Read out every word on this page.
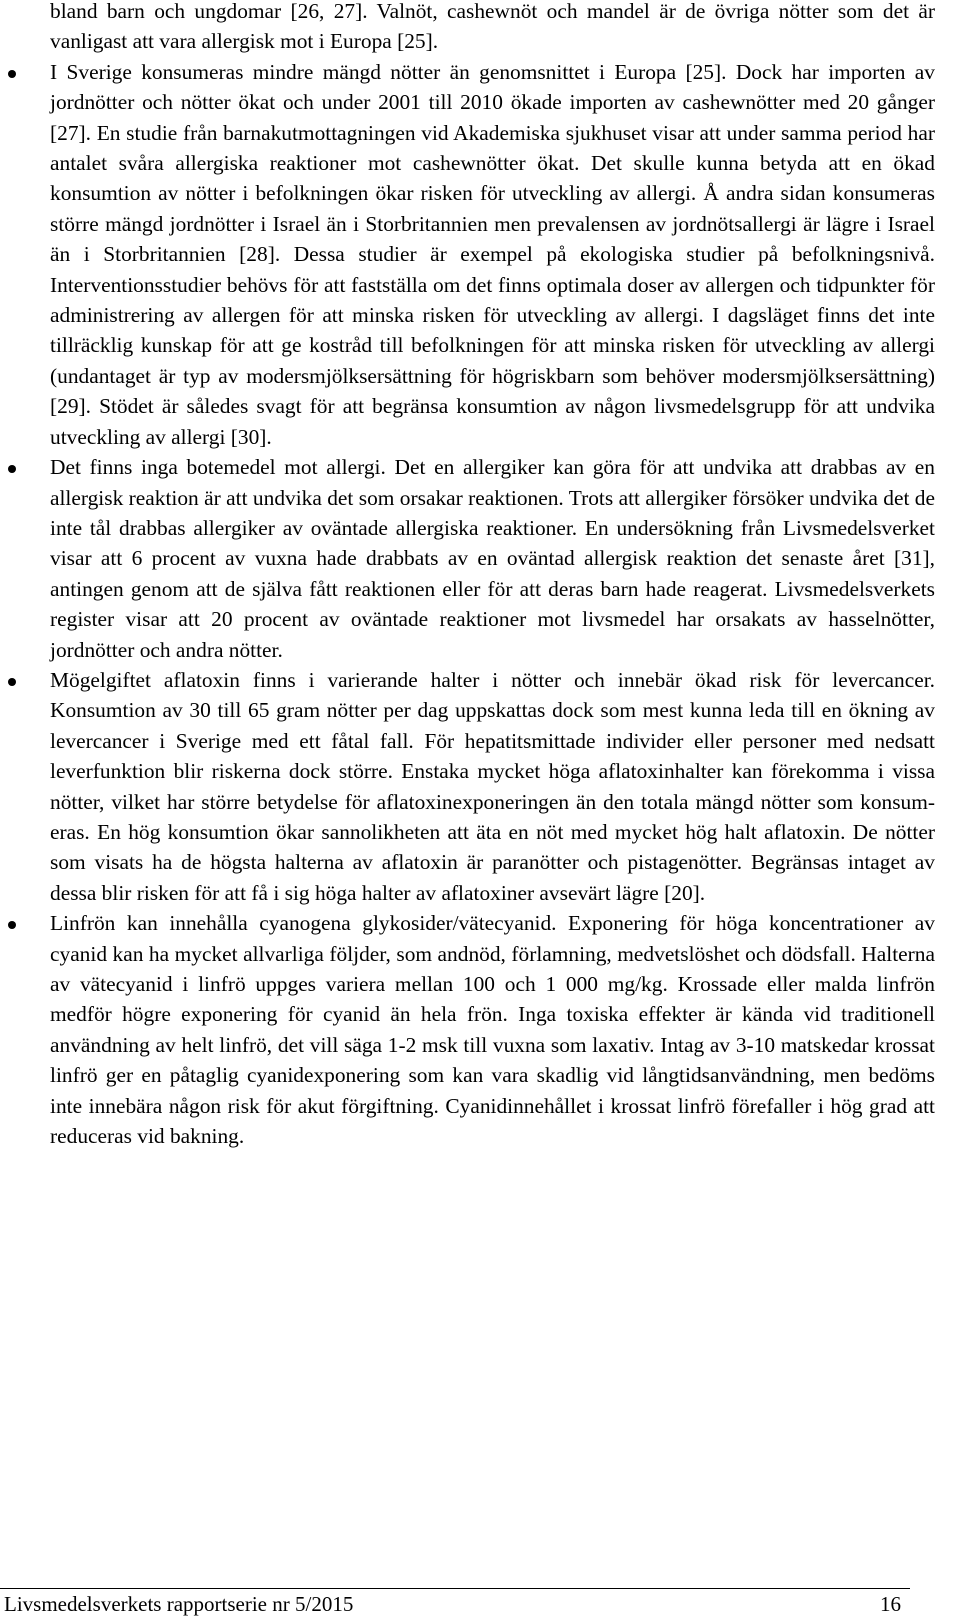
bland barn och ungdomar [26, 27]. Valnöt, cashewnöt och mandel är de övriga nötter som det är vanligast att vara allergisk mot i Europa [25].

I Sverige konsumeras mindre mängd nötter än genomsnittet i Europa [25]. Dock har importen av jordnötter och nötter ökat och under 2001 till 2010 ökade importen av cashewnötter med 20 gånger [27]. En studie från barnakutmottagningen vid Akademiska sjukhuset visar att under samma period har antalet svåra allergiska reaktioner mot cashewnötter ökat. Det skulle kunna betyda att en ökad konsumtion av nötter i befolkningen ökar risken för utveckling av allergi. Å andra sidan konsumeras större mängd jordnötter i Israel än i Storbritannien men prevalensen av jordnötsallergi är lägre i Israel än i Storbritannien [28]. Dessa studier är exempel på ekologiska studier på befolkningsnivå. Interventionsstudier behövs för att fastställa om det finns optimala doser av allergen och tidpunkter för administrering av allergen för att minska risken för utveckling av allergi. I dagsläget finns det inte tillräcklig kunskap för att ge kostråd till befolkningen för att minska risken för utveckling av allergi (undantaget är typ av modersmjölksersättning för högriskbarn som behöver modersmjölksersättning) [29]. Stödet är således svagt för att begränsa konsumtion av någon livsmedelsgrupp för att undvika utveckling av allergi [30].

Det finns inga botemedel mot allergi. Det en allergiker kan göra för att undvika att drabbas av en allergisk reaktion är att undvika det som orsakar reaktionen. Trots att allergiker försöker undvika det de inte tål drabbas allergiker av oväntade allergiska reaktioner. En undersökning från Livsmedelsverket visar att 6 procent av vuxna hade drabbats av en oväntad allergisk reaktion det senaste året [31], antingen genom att de själva fått reaktionen eller för att deras barn hade reagerat. Livsmedelsverkets register visar att 20 procent av oväntade reaktioner mot livsmedel har orsakats av hasselnötter, jordnötter och andra nötter.

Mögelgiftet aflatoxin finns i varierande halter i nötter och innebär ökad risk för levercancer. Konsumtion av 30 till 65 gram nötter per dag uppskattas dock som mest kunna leda till en ökning av levercancer i Sverige med ett fåtal fall. För hepatitsmittade individer eller personer med nedsatt leverfunktion blir riskerna dock större. Enstaka mycket höga aflatoxinhalter kan förekomma i vissa nötter, vilket har större betydelse för aflatoxinexponeringen än den totala mängd nötter som konsumeras. En hög konsumtion ökar sannolikheten att äta en nöt med mycket hög halt aflatoxin. De nötter som visats ha de högsta halterna av aflatoxin är paranötter och pistagenötter. Begränsas intaget av dessa blir risken för att få i sig höga halter av aflatoxiner avsevärt lägre [20].

Linfrön kan innehålla cyanogena glykosider/vätecyanid. Exponering för höga koncentrationer av cyanid kan ha mycket allvarliga följder, som andnöd, förlamning, medvetslöshet och dödsfall. Halterna av vätecyanid i linfrö uppges variera mellan 100 och 1 000 mg/kg. Krossade eller malda linfrön medför högre exponering för cyanid än hela frön. Inga toxiska effekter är kända vid traditionell användning av helt linfrö, det vill säga 1-2 msk till vuxna som laxativ. Intag av 3-10 matskedar krossat linfrö ger en påtaglig cyanidexponering som kan vara skadlig vid långtidsanvändning, men bedöms inte innebära någon risk för akut förgiftning. Cyanidinnehållet i krossat linfrö förefaller i hög grad att reduceras vid bakning.

Livsmedelsverkets rapportserie nr 5/2015	16
